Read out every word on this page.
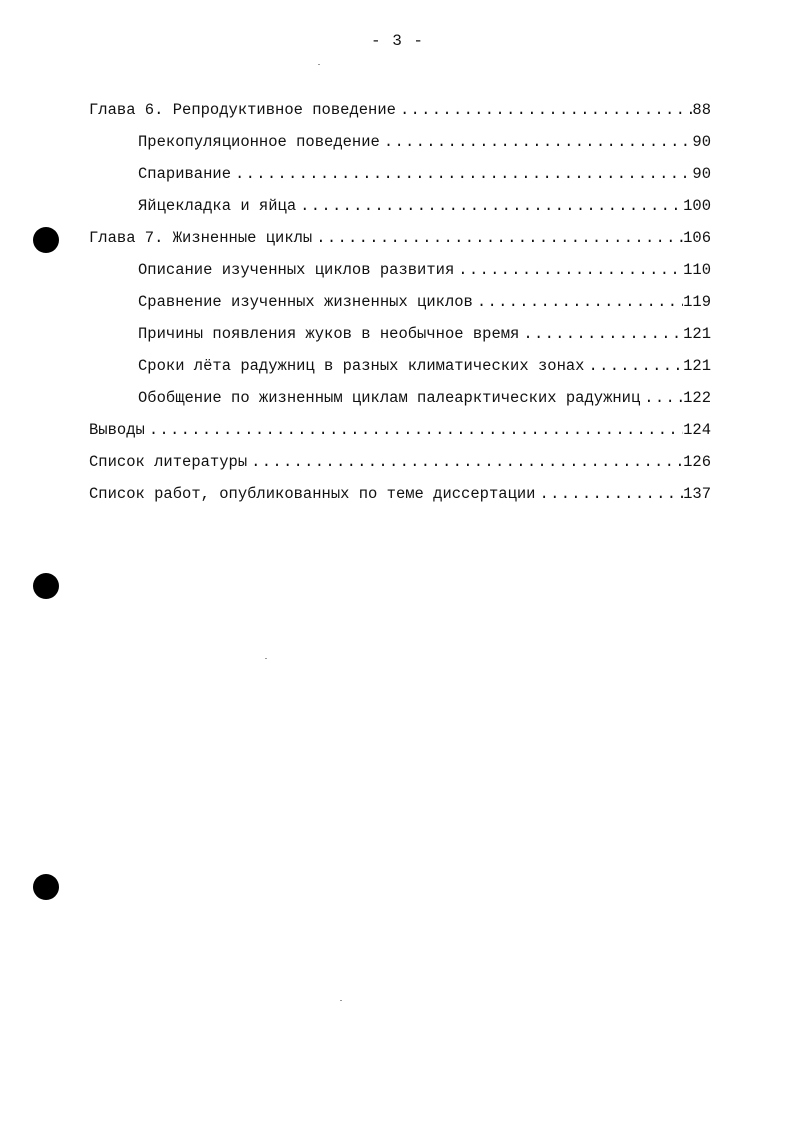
- 3 -
Глава 6. Репродуктивное поведение . . .	88
Прекопуляционное поведение . . .	90
Спаривание . . .	90
Яйцекладка и яйца . . .	100
Глава 7. Жизненные циклы . . .	106
Описание изученных циклов развития . . .	110
Сравнение изученных жизненных циклов . . .	119
Причины появления жуков в необычное время . . .	121
Сроки лёта радужниц в разных климатических зонах . . .	121
Обобщение по жизненным циклам палеарктических радужниц . . .	122
Выводы . . .	124
Список литературы . . .	126
Список работ, опубликованных по теме диссертации . . .	137
